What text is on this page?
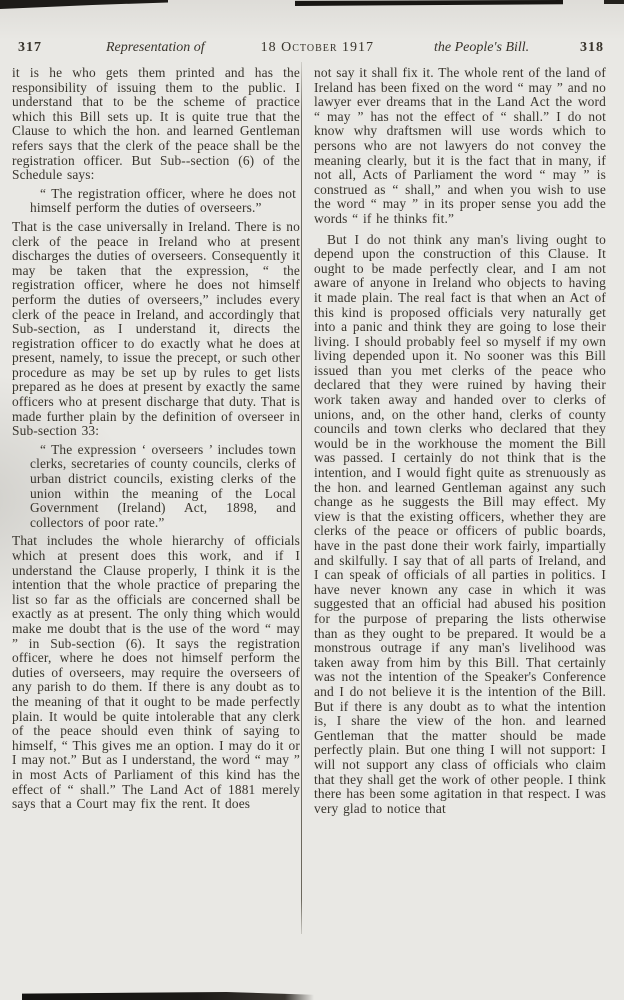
317	Representation of	18 October 1917	the People's Bill.	318

it is he who gets them printed and has the responsibility of issuing them to the public. I understand that to be the scheme of practice which this Bill sets up. It is quite true that the Clause to which the hon. and learned Gentleman refers says that the clerk of the peace shall be the registration officer. But Sub--section (6) of the Schedule says:

“ The registration officer, where he does not himself perform the duties of overseers.”

That is the case universally in Ireland. There is no clerk of the peace in Ireland who at present discharges the duties of overseers. Consequently it may be taken that the expression, “ the registration officer, where he does not himself perform the duties of overseers,” includes every clerk of the peace in Ireland, and accordingly that Sub-section, as I understand it, directs the registration officer to do exactly what he does at present, namely, to issue the precept, or such other procedure as may be set up by rules to get lists prepared as he does at present by exactly the same officers who at present discharge that duty. That is made further plain by the definition of overseer in Sub-section 33:

“ The expression ‘ overseers ’ includes town clerks, secretaries of county councils, clerks of urban district councils, existing clerks of the union within the meaning of the Local Government (Ireland) Act, 1898, and collectors of poor rate.”

That includes the whole hierarchy of officials which at present does this work, and if I understand the Clause properly, I think it is the intention that the whole practice of preparing the list so far as the officials are concerned shall be exactly as at present. The only thing which would make me doubt that is the use of the word “ may ” in Sub-section (6). It says the registration officer, where he does not himself perform the duties of overseers, may require the overseers of any parish to do them. If there is any doubt as to the meaning of that it ought to be made perfectly plain. It would be quite intolerable that any clerk of the peace should even think of saying to himself, “ This gives me an option. I may do it or I may not.” But as I understand, the word “ may ” in most Acts of Parliament of this kind has the effect of “ shall.” The Land Act of 1881 merely says that a Court may fix the rent. It does

not say it shall fix it. The whole rent of the land of Ireland has been fixed on the word “ may ” and no lawyer ever dreams that in the Land Act the word “ may ” has not the effect of “ shall.” I do not know why draftsmen will use words which to persons who are not lawyers do not convey the meaning clearly, but it is the fact that in many, if not all, Acts of Parliament the word “ may ” is construed as “ shall,” and when you wish to use the word “ may ” in its proper sense you add the words “ if he thinks fit.”

But I do not think any man's living ought to depend upon the construction of this Clause. It ought to be made perfectly clear, and I am not aware of anyone in Ireland who objects to having it made plain. The real fact is that when an Act of this kind is proposed officials very naturally get into a panic and think they are going to lose their living. I should probably feel so myself if my own living depended upon it. No sooner was this Bill issued than you met clerks of the peace who declared that they were ruined by having their work taken away and handed over to clerks of unions, and, on the other hand, clerks of county councils and town clerks who declared that they would be in the workhouse the moment the Bill was passed. I certainly do not think that is the intention, and I would fight quite as strenuously as the hon. and learned Gentleman against any such change as he suggests the Bill may effect. My view is that the existing officers, whether they are clerks of the peace or officers of public boards, have in the past done their work fairly, impartially and skilfully. I say that of all parts of Ireland, and I can speak of officials of all parties in politics. I have never known any case in which it was suggested that an official had abused his position for the purpose of preparing the lists otherwise than as they ought to be prepared. It would be a monstrous outrage if any man's livelihood was taken away from him by this Bill. That certainly was not the intention of the Speaker's Conference and I do not believe it is the intention of the Bill. But if there is any doubt as to what the intention is, I share the view of the hon. and learned Gentleman that the matter should be made perfectly plain. But one thing I will not support: I will not support any class of officials who claim that they shall get the work of other people. I think there has been some agitation in that respect. I was very glad to notice that
